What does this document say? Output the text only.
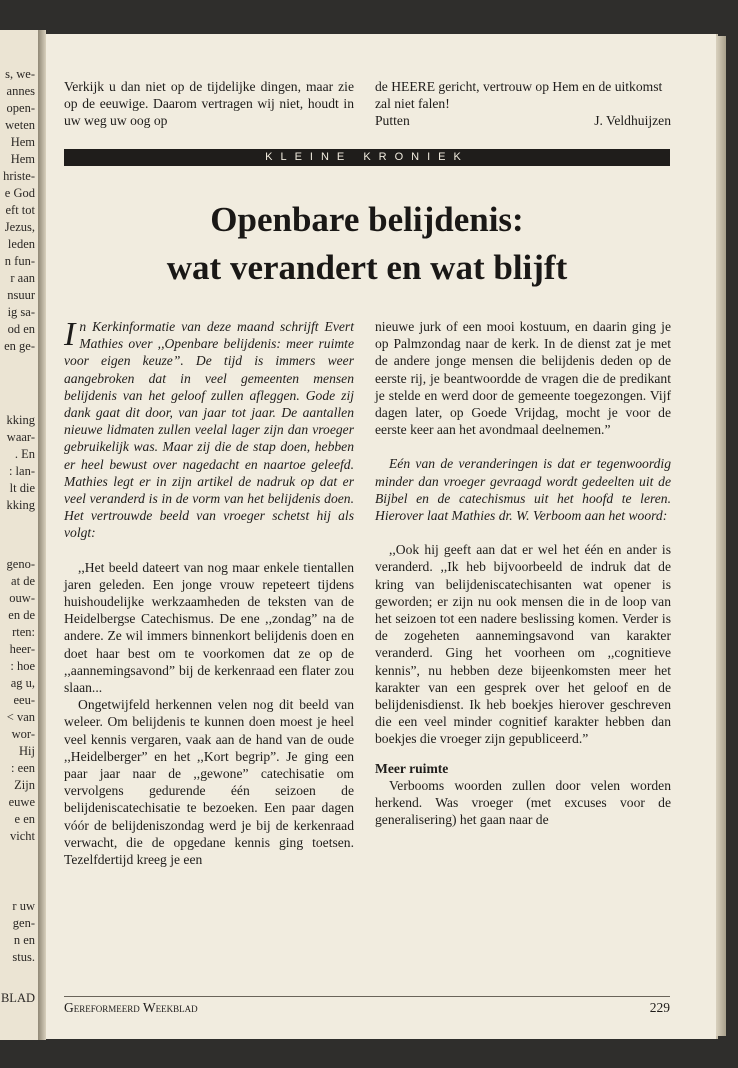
s, we-
annes
open-
weten
Hem
Hem
hriste-
e God
eft tot
Jezus,
leden
n fun-
r aan
nsuur
ig sa-
od en
en ge-
kking
waar-
. En
: lan-
lt die
kking
geno-
at de
ouw-
en de
rten:
heer-
: hoe
ag u,
eeu-
< van
wor-
Hij
: een
Zijn
euwe
e en
vicht
r uw
gen-
n en
stus.
BLAD

Verkijk u dan niet op de tijdelijke dingen, maar zie op de eeuwige. Daarom vertragen wij niet, houdt in uw weg uw oog op

de HEERE gericht, vertrouw op Hem en de uitkomst zal niet falen!

Putten	J. Veldhuijzen
KLEINE KRONIEK
Openbare belijdenis:
wat verandert en wat blijft

In Kerkinformatie van deze maand schrijft Evert Mathies over ,,Openbare belijdenis: meer ruimte voor eigen keuze”. De tijd is immers weer aangebroken dat in veel gemeenten mensen belijdenis van het geloof zullen afleggen. Gode zij dank gaat dit door, van jaar tot jaar. De aantallen nieuwe lidmaten zullen veelal lager zijn dan vroeger gebruikelijk was. Maar zij die de stap doen, hebben er heel bewust over nagedacht en naartoe geleefd. Mathies legt er in zijn artikel de nadruk op dat er veel veranderd is in de vorm van het belijdenis doen. Het vertrouwde beeld van vroeger schetst hij als volgt:

,,Het beeld dateert van nog maar enkele tientallen jaren geleden. Een jonge vrouw repeteert tijdens huishoudelijke werkzaamheden de teksten van de Heidelbergse Catechismus. De ene ,,zondag” na de andere. Ze wil immers binnenkort belijdenis doen en doet haar best om te voorkomen dat ze op de ,,aannemingsavond” bij de kerkenraad een flater zou slaan...

Ongetwijfeld herkennen velen nog dit beeld van weleer. Om belijdenis te kunnen doen moest je heel veel kennis vergaren, vaak aan de hand van de oude ,,Heidelberger” en het ,,Kort begrip”. Je ging een paar jaar naar de ,,gewone” catechisatie om vervolgens gedurende één seizoen de belijdeniscatechisatie te bezoeken. Een paar dagen vóór de belijdeniszondag werd je bij de kerkenraad verwacht, die de opgedane kennis ging toetsen. Tezelfdertijd kreeg je een

nieuwe jurk of een mooi kostuum, en daarin ging je op Palmzondag naar de kerk. In de dienst zat je met de andere jonge mensen die belijdenis deden op de eerste rij, je beantwoordde de vragen die de predikant je stelde en werd door de gemeente toegezongen. Vijf dagen later, op Goede Vrijdag, mocht je voor de eerste keer aan het avondmaal deelnemen.”

Eén van de veranderingen is dat er tegenwoordig minder dan vroeger gevraagd wordt gedeelten uit de Bijbel en de catechismus uit het hoofd te leren. Hierover laat Mathies dr. W. Verboom aan het woord:

,,Ook hij geeft aan dat er wel het één en ander is veranderd. ,,Ik heb bijvoorbeeld de indruk dat de kring van belijdeniscatechisanten wat opener is geworden; er zijn nu ook mensen die in de loop van het seizoen tot een nadere beslissing komen. Verder is de zogeheten aannemingsavond van karakter veranderd. Ging het voorheen om ,,cognitieve kennis”, nu hebben deze bijeenkomsten meer het karakter van een gesprek over het geloof en de belijdenisdienst. Ik heb boekjes hierover geschreven die een veel minder cognitief karakter hebben dan boekjes die vroeger zijn gepubliceerd.”

Meer ruimte

Verbooms woorden zullen door velen worden herkend. Was vroeger (met excuses voor de generalisering) het gaan naar de

Gereformeerd Weekblad	229
